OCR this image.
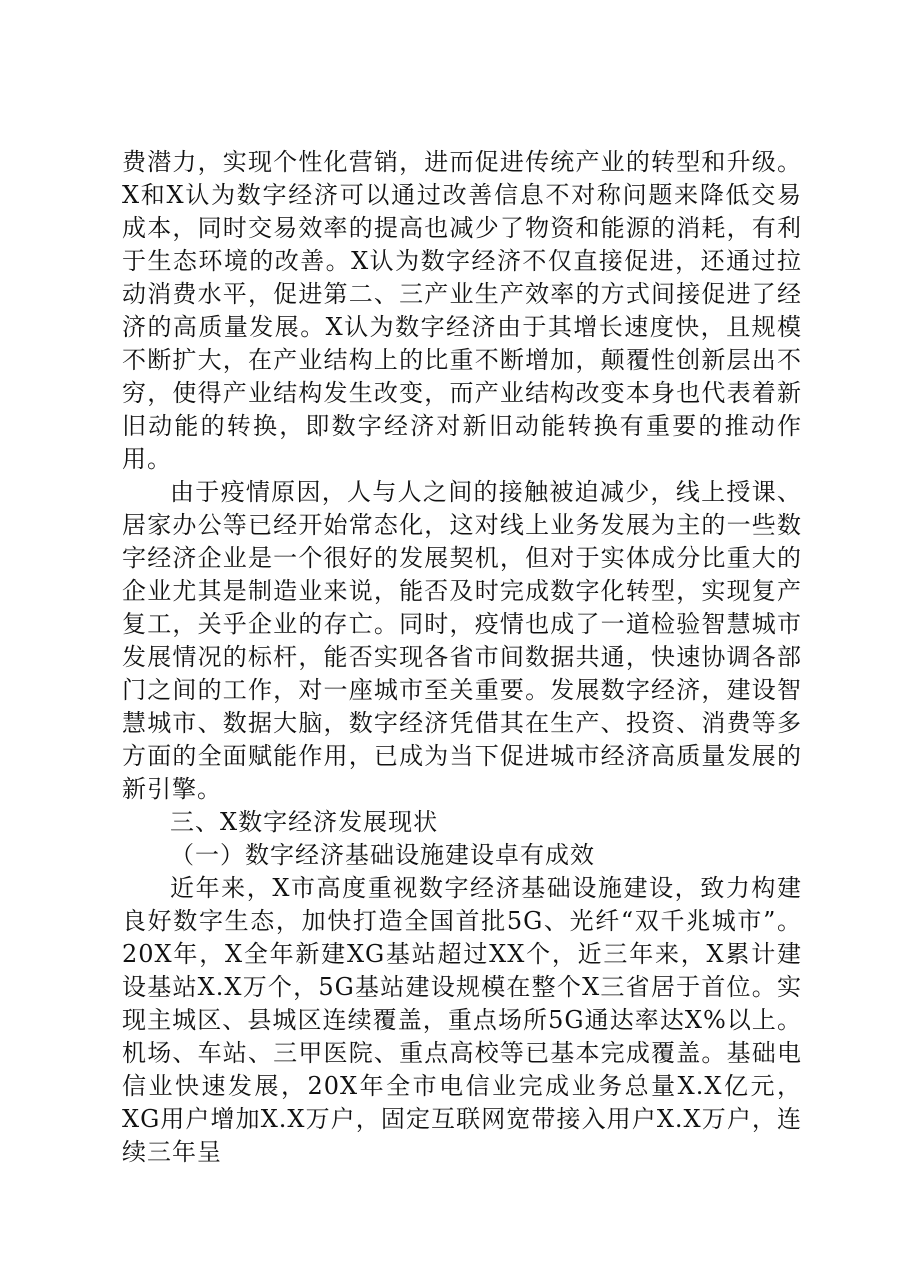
费潜力，实现个性化营销，进而促进传统产业的转型和升级。X和X认为数字经济可以通过改善信息不对称问题来降低交易成本，同时交易效率的提高也减少了物资和能源的消耗，有利于生态环境的改善。X认为数字经济不仅直接促进，还通过拉动消费水平，促进第二、三产业生产效率的方式间接促进了经济的高质量发展。X认为数字经济由于其增长速度快，且规模不断扩大，在产业结构上的比重不断增加，颠覆性创新层出不穷，使得产业结构发生改变，而产业结构改变本身也代表着新旧动能的转换，即数字经济对新旧动能转换有重要的推动作用。

由于疫情原因，人与人之间的接触被迫减少，线上授课、居家办公等已经开始常态化，这对线上业务发展为主的一些数字经济企业是一个很好的发展契机，但对于实体成分比重大的企业尤其是制造业来说，能否及时完成数字化转型，实现复产复工，关乎企业的存亡。同时，疫情也成了一道检验智慧城市发展情况的标杆，能否实现各省市间数据共通，快速协调各部门之间的工作，对一座城市至关重要。发展数字经济，建设智慧城市、数据大脑，数字经济凭借其在生产、投资、消费等多方面的全面赋能作用，已成为当下促进城市经济高质量发展的新引擎。

三、X数字经济发展现状

（一）数字经济基础设施建设卓有成效

近年来，X市高度重视数字经济基础设施建设，致力构建良好数字生态，加快打造全国首批5G、光纤“双千兆城市”。20X年，X全年新建XG基站超过XX个，近三年来，X累计建设基站X.X万个，5G基站建设规模在整个X三省居于首位。实现主城区、县城区连续覆盖，重点场所5G通达率达X%以上。机场、车站、三甲医院、重点高校等已基本完成覆盖。基础电信业快速发展，20X年全市电信业完成业务总量X.X亿元，XG用户增加X.X万户，固定互联网宽带接入用户X.X万户，连续三年呈
